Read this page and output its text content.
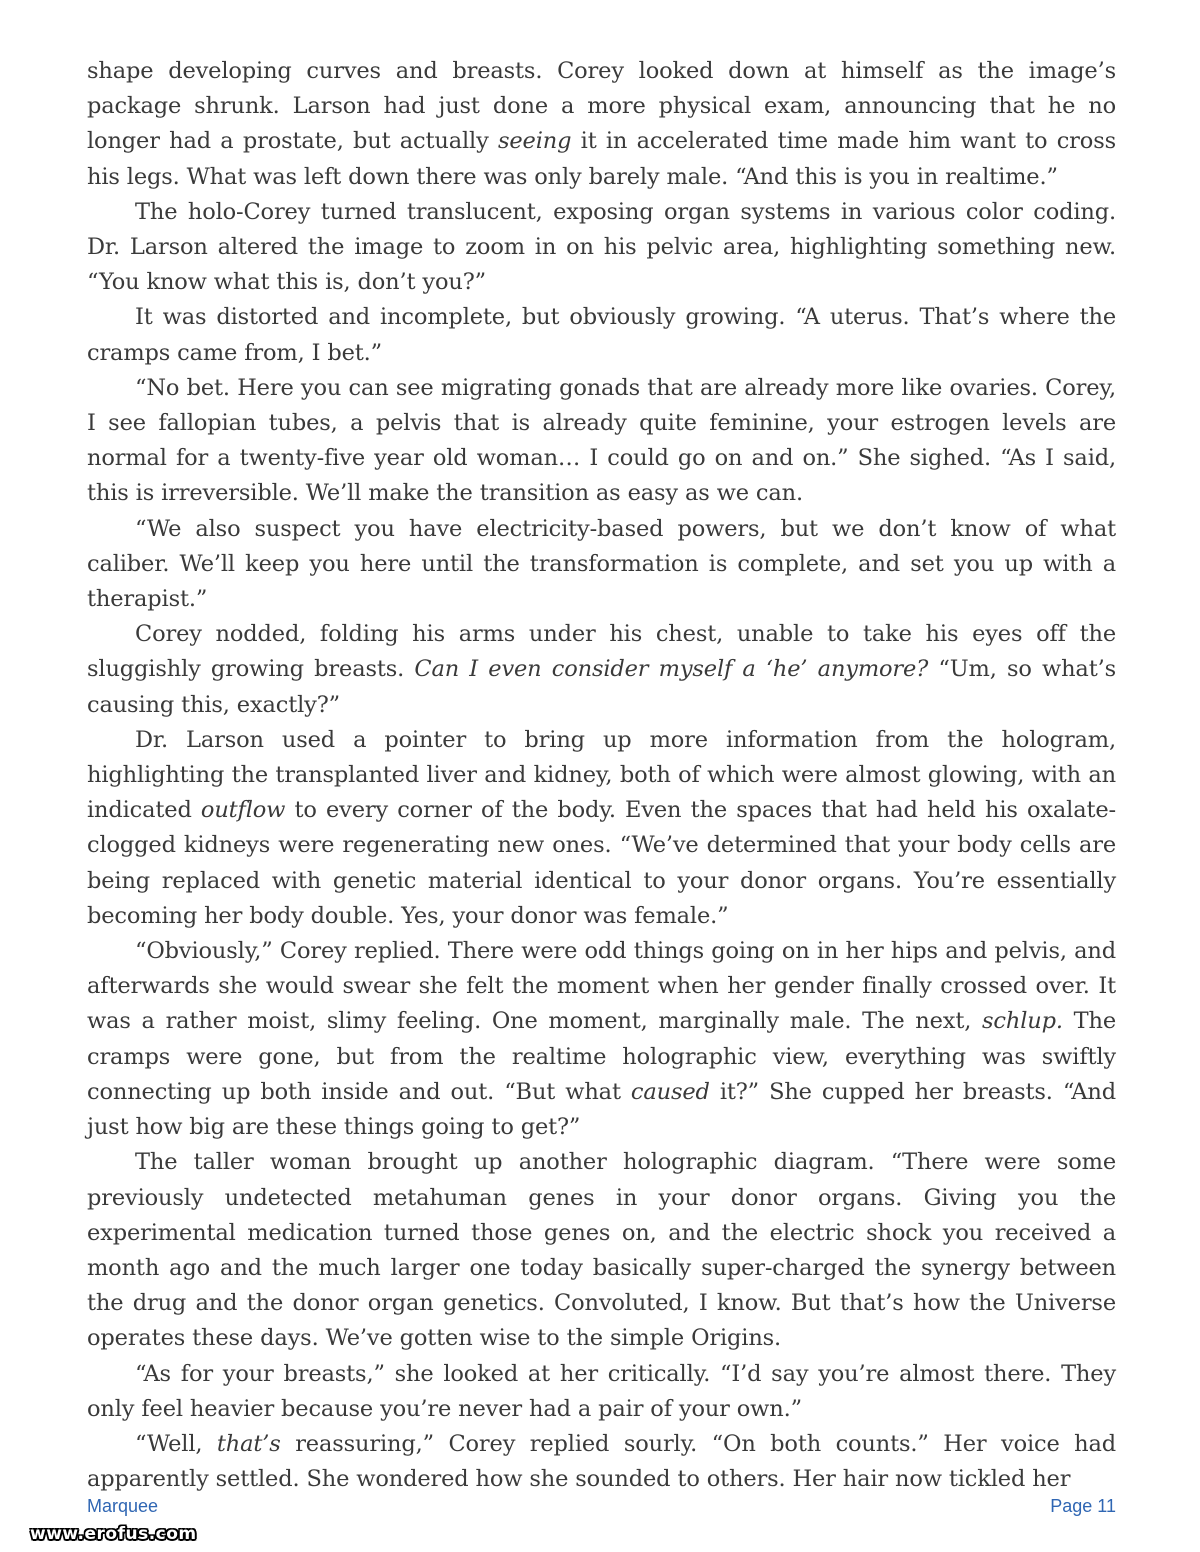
shape developing curves and breasts. Corey looked down at himself as the image’s package shrunk. Larson had just done a more physical exam, announcing that he no longer had a prostate, but actually seeing it in accelerated time made him want to cross his legs. What was left down there was only barely male. “And this is you in realtime.”

The holo-Corey turned translucent, exposing organ systems in various color coding. Dr. Larson altered the image to zoom in on his pelvic area, highlighting something new. “You know what this is, don’t you?”

It was distorted and incomplete, but obviously growing. “A uterus. That’s where the cramps came from, I bet.”

“No bet. Here you can see migrating gonads that are already more like ovaries. Corey, I see fallopian tubes, a pelvis that is already quite feminine, your estrogen levels are normal for a twenty-five year old woman… I could go on and on.” She sighed. “As I said, this is irreversible. We’ll make the transition as easy as we can.

“We also suspect you have electricity-based powers, but we don’t know of what caliber. We’ll keep you here until the transformation is complete, and set you up with a therapist.”

Corey nodded, folding his arms under his chest, unable to take his eyes off the sluggishly growing breasts. Can I even consider myself a ‘he’ anymore? “Um, so what’s causing this, exactly?”

Dr. Larson used a pointer to bring up more information from the hologram, highlighting the transplanted liver and kidney, both of which were almost glowing, with an indicated outflow to every corner of the body. Even the spaces that had held his oxalate-clogged kidneys were regenerating new ones. “We’ve determined that your body cells are being replaced with genetic material identical to your donor organs. You’re essentially becoming her body double. Yes, your donor was female.”

“Obviously,” Corey replied. There were odd things going on in her hips and pelvis, and afterwards she would swear she felt the moment when her gender finally crossed over. It was a rather moist, slimy feeling. One moment, marginally male. The next, schlup. The cramps were gone, but from the realtime holographic view, everything was swiftly connecting up both inside and out. “But what caused it?” She cupped her breasts. “And just how big are these things going to get?”

The taller woman brought up another holographic diagram. “There were some previously undetected metahuman genes in your donor organs. Giving you the experimental medication turned those genes on, and the electric shock you received a month ago and the much larger one today basically super-charged the synergy between the drug and the donor organ genetics. Convoluted, I know. But that’s how the Universe operates these days. We’ve gotten wise to the simple Origins.

“As for your breasts,” she looked at her critically. “I’d say you’re almost there. They only feel heavier because you’re never had a pair of your own.”

“Well, that’s reassuring,” Corey replied sourly. “On both counts.” Her voice had apparently settled. She wondered how she sounded to others. Her hair now tickled her

Marquee	Page 11
www.erofus.com
